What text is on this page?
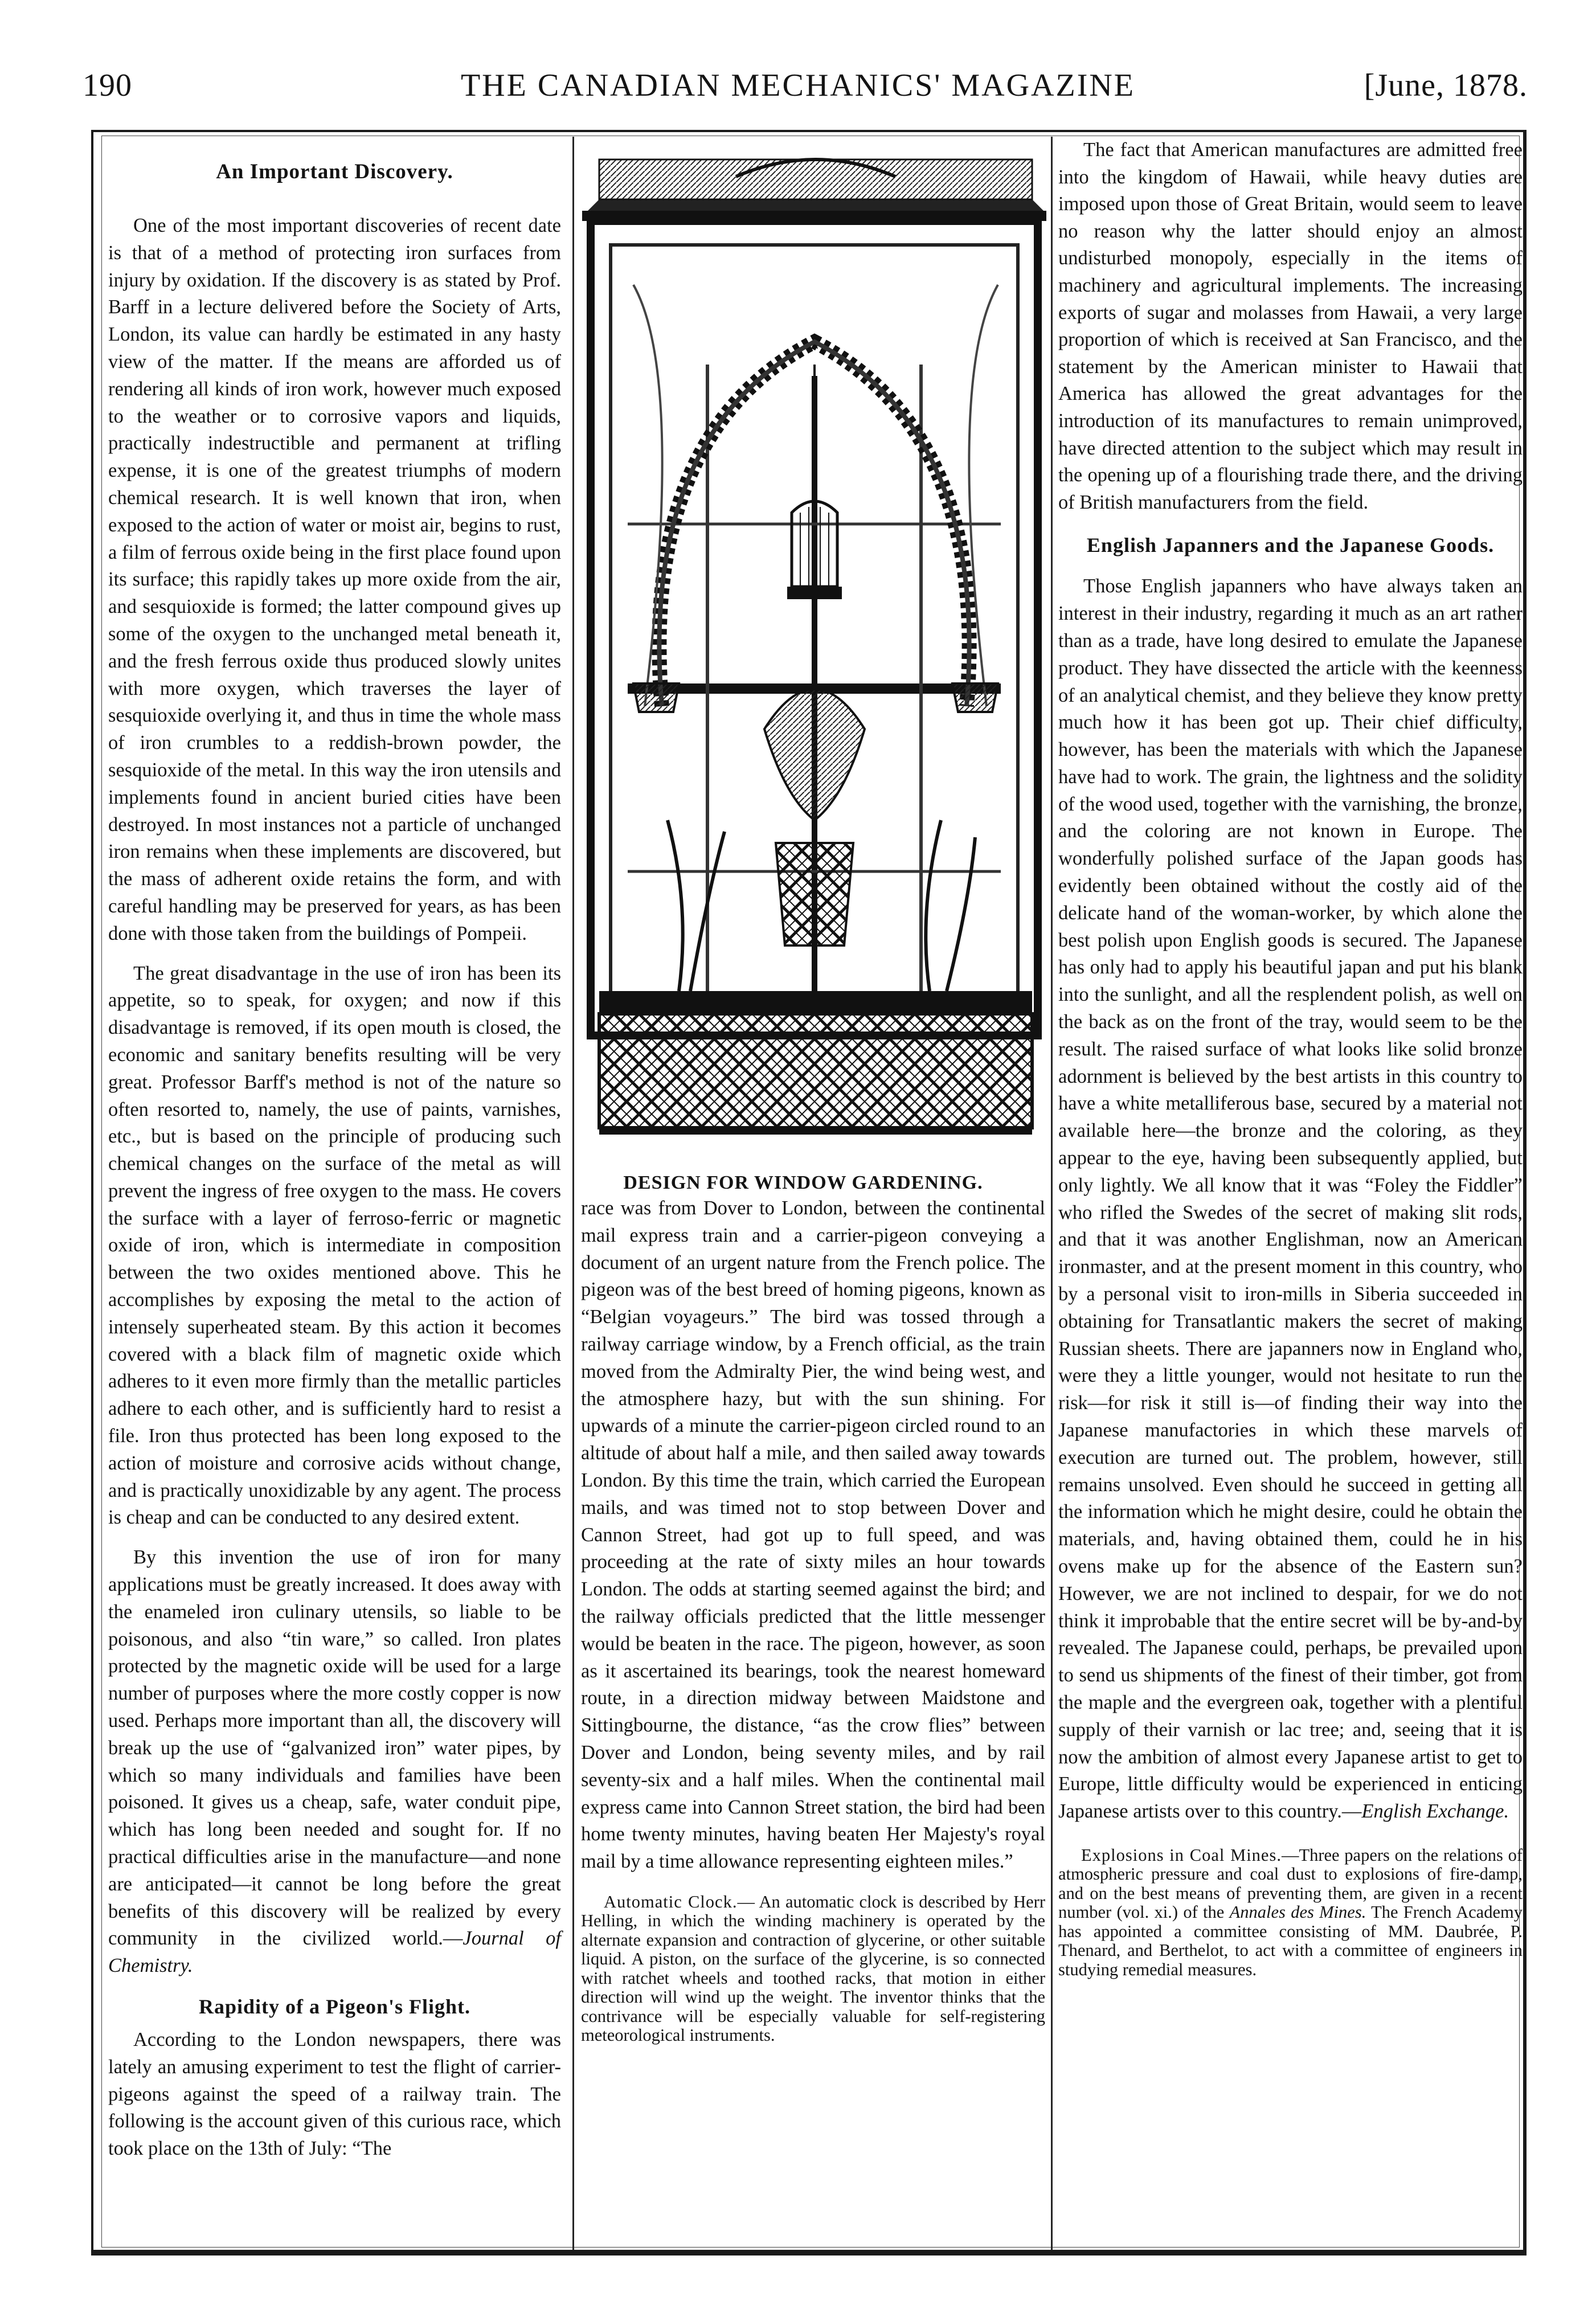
190	THE CANADIAN MECHANICS' MAGAZINE	[June, 1878.
An Important Discovery.

One of the most important discoveries of recent date is that of a method of protecting iron surfaces from injury by oxidation. If the discovery is as stated by Prof. Barff in a lecture delivered before the Society of Arts, London, its value can hardly be estimated in any hasty view of the matter. If the means are afforded us of rendering all kinds of iron work, however much exposed to the weather or to corrosive vapors and liquids, practically indestructible and permanent at trifling expense, it is one of the greatest triumphs of modern chemical research. It is well known that iron, when exposed to the action of water or moist air, begins to rust, a film of ferrous oxide being in the first place found upon its surface; this rapidly takes up more oxide from the air, and sesquioxide is formed; the latter compound gives up some of the oxygen to the unchanged metal beneath it, and the fresh ferrous oxide thus produced slowly unites with more oxygen, which traverses the layer of sesquioxide overlying it, and thus in time the whole mass of iron crumbles to a reddish-brown powder, the sesquioxide of the metal. In this way the iron utensils and implements found in ancient buried cities have been destroyed. In most instances not a particle of unchanged iron remains when these implements are discovered, but the mass of adherent oxide retains the form, and with careful handling may be preserved for years, as has been done with those taken from the buildings of Pompeii.

The great disadvantage in the use of iron has been its appetite, so to speak, for oxygen; and now if this disadvantage is removed, if its open mouth is closed, the economic and sanitary benefits resulting will be very great. Professor Barff's method is not of the nature so often resorted to, namely, the use of paints, varnishes, etc., but is based on the principle of producing such chemical changes on the surface of the metal as will prevent the ingress of free oxygen to the mass. He covers the surface with a layer of ferroso-ferric or magnetic oxide of iron, which is intermediate in composition between the two oxides mentioned above. This he accomplishes by exposing the metal to the action of intensely superheated steam. By this action it becomes covered with a black film of magnetic oxide which adheres to it even more firmly than the metallic particles adhere to each other, and is sufficiently hard to resist a file. Iron thus protected has been long exposed to the action of moisture and corrosive acids without change, and is practically unoxidizable by any agent. The process is cheap and can be conducted to any desired extent.

By this invention the use of iron for many applications must be greatly increased. It does away with the enameled iron culinary utensils, so liable to be poisonous, and also “tin ware,” so called. Iron plates protected by the magnetic oxide will be used for a large number of purposes where the more costly copper is now used. Perhaps more important than all, the discovery will break up the use of “galvanized iron” water pipes, by which so many individuals and families have been poisoned. It gives us a cheap, safe, water conduit pipe, which has long been needed and sought for. If no practical difficulties arise in the manufacture—and none are anticipated—it cannot be long before the great benefits of this discovery will be realized by every community in the civilized world.—Journal of Chemistry.

Rapidity of a Pigeon's Flight.

According to the London newspapers, there was lately an amusing experiment to test the flight of carrier-pigeons against the speed of a railway train. The following is the account given of this curious race, which took place on the 13th of July: “The

DESIGN FOR WINDOW GARDENING.

race was from Dover to London, between the continental mail express train and a carrier-pigeon conveying a document of an urgent nature from the French police. The pigeon was of the best breed of homing pigeons, known as “Belgian voyageurs.” The bird was tossed through a railway carriage window, by a French official, as the train moved from the Admiralty Pier, the wind being west, and the atmosphere hazy, but with the sun shining. For upwards of a minute the carrier-pigeon circled round to an altitude of about half a mile, and then sailed away towards London. By this time the train, which carried the European mails, and was timed not to stop between Dover and Cannon Street, had got up to full speed, and was proceeding at the rate of sixty miles an hour towards London. The odds at starting seemed against the bird; and the railway officials predicted that the little messenger would be beaten in the race. The pigeon, however, as soon as it ascertained its bearings, took the nearest homeward route, in a direction midway between Maidstone and Sittingbourne, the distance, “as the crow flies” between Dover and London, being seventy miles, and by rail seventy-six and a half miles. When the continental mail express came into Cannon Street station, the bird had been home twenty minutes, having beaten Her Majesty's royal mail by a time allowance representing eighteen miles.”

Automatic Clock.— An automatic clock is described by Herr Helling, in which the winding machinery is operated by the alternate expansion and contraction of glycerine, or other suitable liquid. A piston, on the surface of the glycerine, is so connected with ratchet wheels and toothed racks, that motion in either direction will wind up the weight. The inventor thinks that the contrivance will be especially valuable for self-registering meteorological instruments.

The fact that American manufactures are admitted free into the kingdom of Hawaii, while heavy duties are imposed upon those of Great Britain, would seem to leave no reason why the latter should enjoy an almost undisturbed monopoly, especially in the items of machinery and agricultural implements. The increasing exports of sugar and molasses from Hawaii, a very large proportion of which is received at San Francisco, and the statement by the American minister to Hawaii that America has allowed the great advantages for the introduction of its manufactures to remain unimproved, have directed attention to the subject which may result in the opening up of a flourishing trade there, and the driving of British manufacturers from the field.

English Japanners and the Japanese Goods.

Those English japanners who have always taken an interest in their industry, regarding it much as an art rather than as a trade, have long desired to emulate the Japanese product. They have dissected the article with the keenness of an analytical chemist, and they believe they know pretty much how it has been got up. Their chief difficulty, however, has been the materials with which the Japanese have had to work. The grain, the lightness and the solidity of the wood used, together with the varnishing, the bronze, and the coloring are not known in Europe. The wonderfully polished surface of the Japan goods has evidently been obtained without the costly aid of the delicate hand of the woman-worker, by which alone the best polish upon English goods is secured. The Japanese has only had to apply his beautiful japan and put his blank into the sunlight, and all the resplendent polish, as well on the back as on the front of the tray, would seem to be the result. The raised surface of what looks like solid bronze adornment is believed by the best artists in this country to have a white metalliferous base, secured by a material not available here—the bronze and the coloring, as they appear to the eye, having been subsequently applied, but only lightly. We all know that it was “Foley the Fiddler” who rifled the Swedes of the secret of making slit rods, and that it was another Englishman, now an American ironmaster, and at the present moment in this country, who by a personal visit to iron-mills in Siberia succeeded in obtaining for Transatlantic makers the secret of making Russian sheets. There are japanners now in England who, were they a little younger, would not hesitate to run the risk—for risk it still is—of finding their way into the Japanese manufactories in which these marvels of execution are turned out. The problem, however, still remains unsolved. Even should he succeed in getting all the information which he might desire, could he obtain the materials, and, having obtained them, could he in his ovens make up for the absence of the Eastern sun? However, we are not inclined to despair, for we do not think it improbable that the entire secret will be by-and-by revealed. The Japanese could, perhaps, be prevailed upon to send us shipments of the finest of their timber, got from the maple and the evergreen oak, together with a plentiful supply of their varnish or lac tree; and, seeing that it is now the ambition of almost every Japanese artist to get to Europe, little difficulty would be experienced in enticing Japanese artists over to this country.—English Exchange.

Explosions in Coal Mines.—Three papers on the relations of atmospheric pressure and coal dust to explosions of fire-damp, and on the best means of preventing them, are given in a recent number (vol. xi.) of the Annales des Mines. The French Academy has appointed a committee consisting of MM. Daubrée, P. Thenard, and Berthelot, to act with a committee of engineers in studying remedial measures.
